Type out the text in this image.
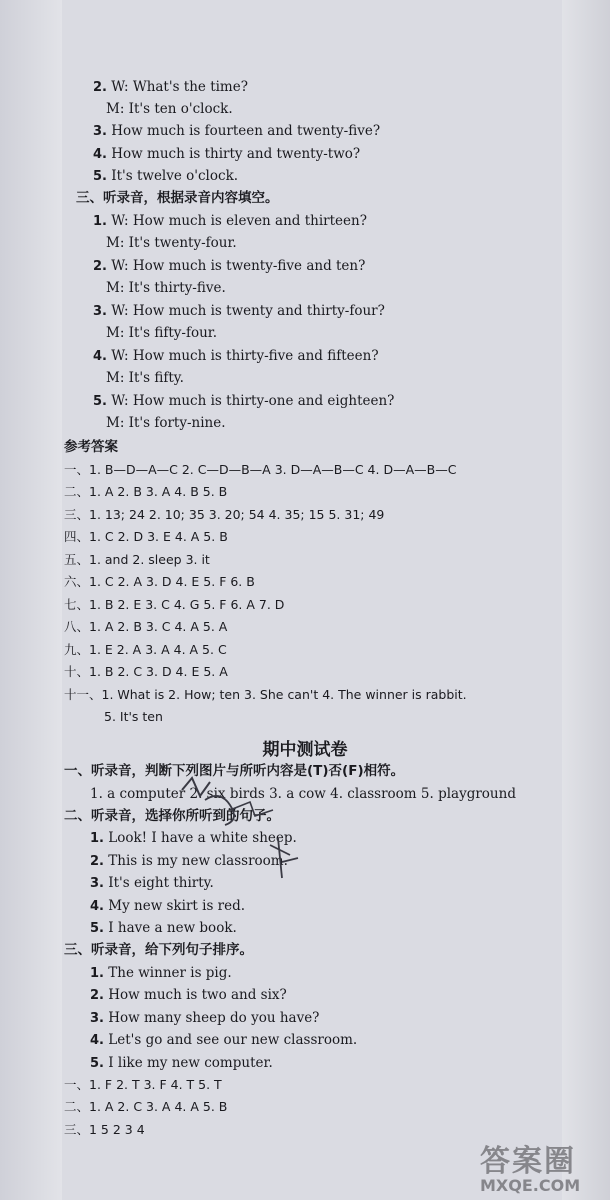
2. W: What's the time?
M: It's ten o'clock.
3. How much is fourteen and twenty-five?
4. How much is thirty and twenty-two?
5. It's twelve o'clock.
三、听录音，根据录音内容填空。
1. W: How much is eleven and thirteen?
M: It's twenty-four.
2. W: How much is twenty-five and ten?
M: It's thirty-five.
3. W: How much is twenty and thirty-four?
M: It's fifty-four.
4. W: How much is thirty-five and fifteen?
M: It's fifty.
5. W: How much is thirty-one and eighteen?
M: It's forty-nine.
参考答案
一、1. B—D—A—C 2. C—D—B—A 3. D—A—B—C 4. D—A—B—C
二、1. A 2. B 3. A 4. B 5. B
三、1. 13; 24 2. 10; 35 3. 20; 54 4. 35; 15 5. 31; 49
四、1. C 2. D 3. E 4. A 5. B
五、1. and 2. sleep 3. it
六、1. C 2. A 3. D 4. E 5. F 6. B
七、1. B 2. E 3. C 4. G 5. F 6. A 7. D
八、1. A 2. B 3. C 4. A 5. A
九、1. E 2. A 3. A 4. A 5. C
十、1. B 2. C 3. D 4. E 5. A
十一、1. What is 2. How; ten 3. She can't 4. The winner is rabbit.
5. It's ten
期中测试卷
一、听录音，判断下列图片与所听内容是(T)否(F)相符。
1. a computer 2. six birds 3. a cow 4. classroom 5. playground
二、听录音，选择你所听到的句子。
1. Look! I have a white sheep.
2. This is my new classroom.
3. It's eight thirty.
4. My new skirt is red.
5. I have a new book.
三、听录音，给下列句子排序。
1. The winner is pig.
2. How much is two and six?
3. How many sheep do you have?
4. Let's go and see our new classroom.
5. I like my new computer.
一、1. F 2. T 3. F 4. T 5. T
二、1. A 2. C 3. A 4. A 5. B
三、1 5 2 3 4
答案圈
MXQE.COM
